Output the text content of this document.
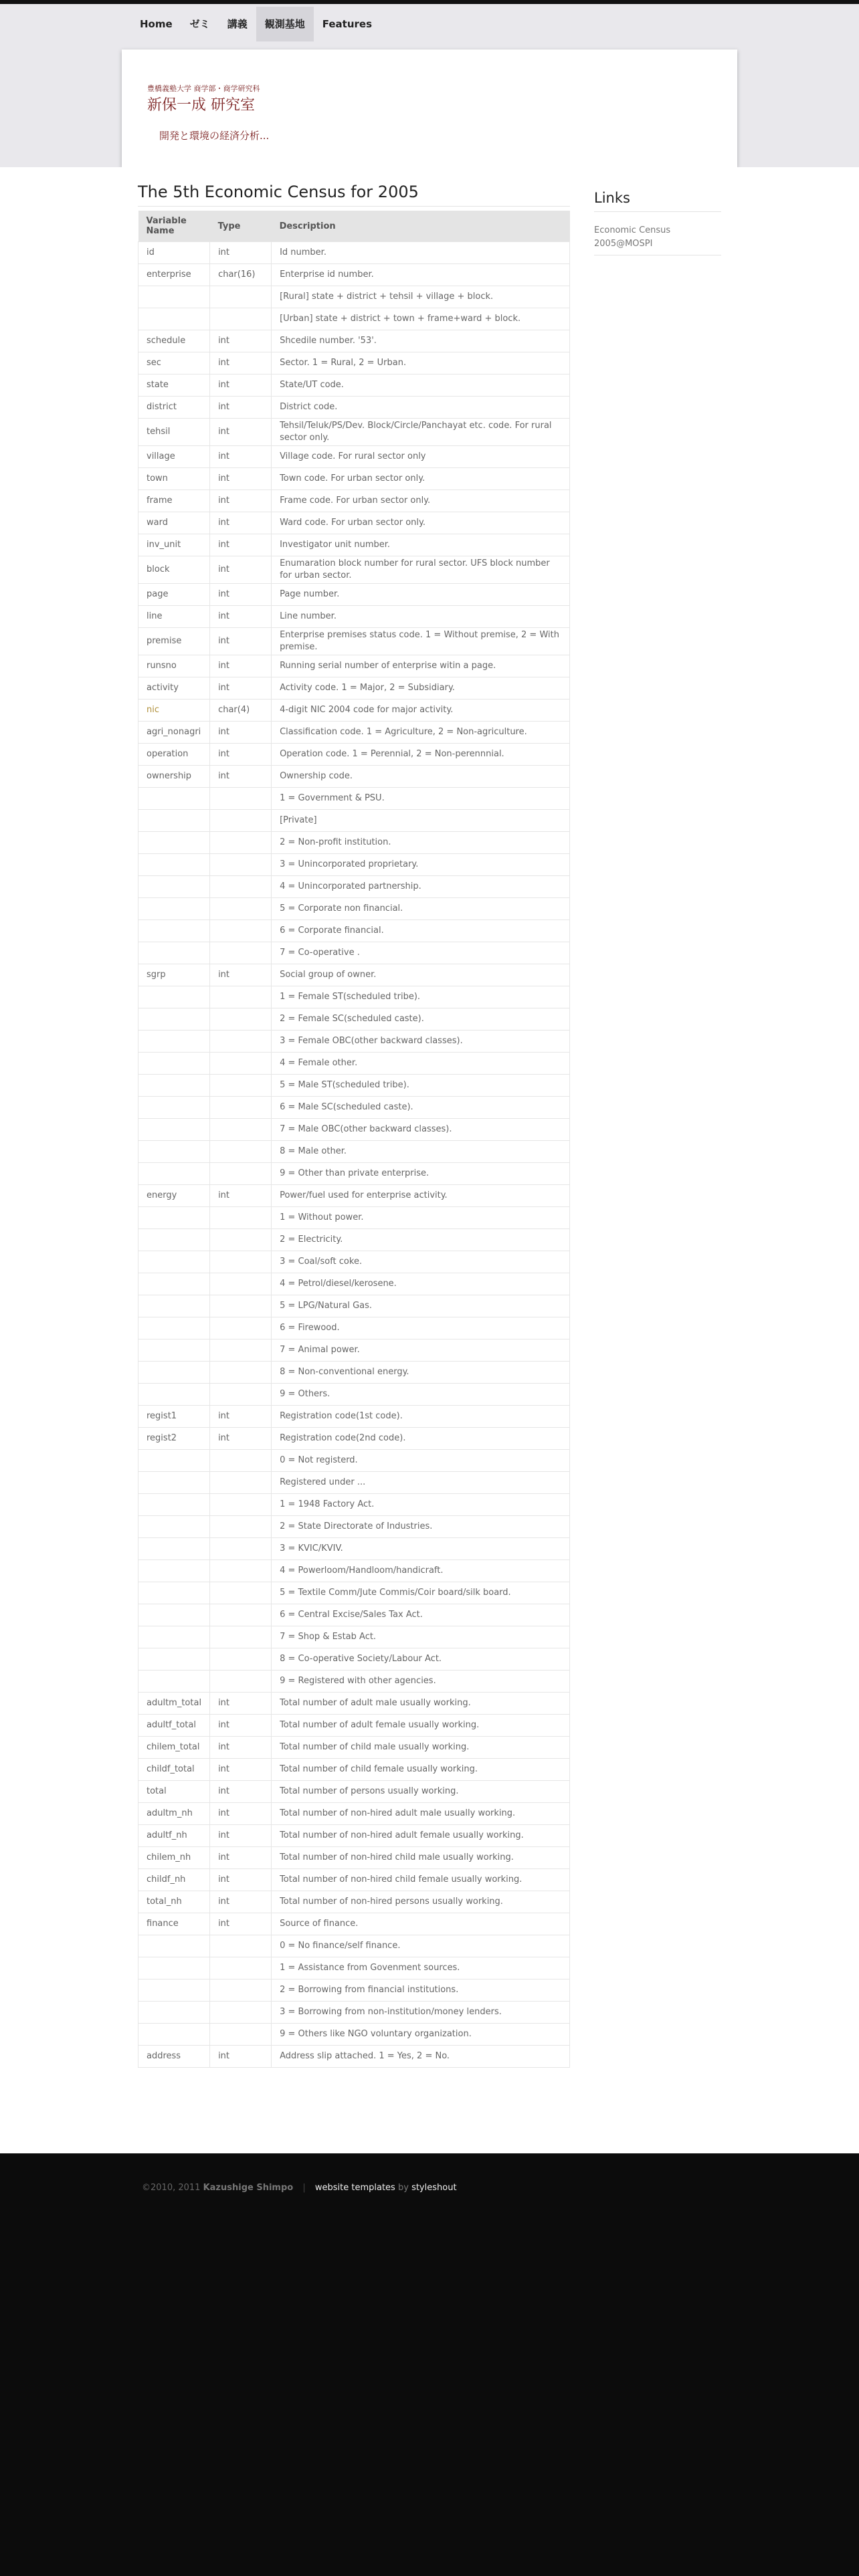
Home	ゼミ	講義	観測基地	Features
豊橋義塾大学 商学部・商学研究科
新保一成 研究室
開発と環境の経済分析...
The 5th Economic Census for 2005
Variable Name	Type	Description
id	int	Id number.
enterprise	char(16)	Enterprise id number.
		[Rural] state + district + tehsil + village + block.
		[Urban] state + district + town + frame+ward + block.
schedule	int	Shcedile number. '53'.
sec	int	Sector. 1 = Rural, 2 = Urban.
state	int	State/UT code.
district	int	District code.
tehsil	int	Tehsil/Teluk/PS/Dev. Block/Circle/Panchayat etc. code. For rural sector only.
village	int	Village code. For rural sector only
town	int	Town code. For urban sector only.
frame	int	Frame code. For urban sector only.
ward	int	Ward code. For urban sector only.
inv_unit	int	Investigator unit number.
block	int	Enumaration block number for rural sector. UFS block number for urban sector.
page	int	Page number.
line	int	Line number.
premise	int	Enterprise premises status code. 1 = Without premise, 2 = With premise.
runsno	int	Running serial number of enterprise witin a page.
activity	int	Activity code. 1 = Major, 2 = Subsidiary.
nic	char(4)	4-digit NIC 2004 code for major activity.
agri_nonagri	int	Classification code. 1 = Agriculture, 2 = Non-agriculture.
operation	int	Operation code. 1 = Perennial, 2 = Non-perennnial.
ownership	int	Ownership code.
		1 = Government & PSU.
		[Private]
		2 = Non-profit institution.
		3 = Unincorporated proprietary.
		4 = Unincorporated partnership.
		5 = Corporate non financial.
		6 = Corporate financial.
		7 = Co-operative .
sgrp	int	Social group of owner.
		1 = Female ST(scheduled tribe).
		2 = Female SC(scheduled caste).
		3 = Female OBC(other backward classes).
		4 = Female other.
		5 = Male ST(scheduled tribe).
		6 = Male SC(scheduled caste).
		7 = Male OBC(other backward classes).
		8 = Male other.
		9 = Other than private enterprise.
energy	int	Power/fuel used for enterprise activity.
		1 = Without power.
		2 = Electricity.
		3 = Coal/soft coke.
		4 = Petrol/diesel/kerosene.
		5 = LPG/Natural Gas.
		6 = Firewood.
		7 = Animal power.
		8 = Non-conventional energy.
		9 = Others.
regist1	int	Registration code(1st code).
regist2	int	Registration code(2nd code).
		0 = Not registerd.
		Registered under ...
		1 = 1948 Factory Act.
		2 = State Directorate of Industries.
		3 = KVIC/KVIV.
		4 = Powerloom/Handloom/handicraft.
		5 = Textile Comm/Jute Commis/Coir board/silk board.
		6 = Central Excise/Sales Tax Act.
		7 = Shop & Estab Act.
		8 = Co-operative Society/Labour Act.
		9 = Registered with other agencies.
adultm_total	int	Total number of adult male usually working.
adultf_total	int	Total number of adult female usually working.
chilem_total	int	Total number of child male usually working.
childf_total	int	Total number of child female usually working.
total	int	Total number of persons usually working.
adultm_nh	int	Total number of non-hired adult male usually working.
adultf_nh	int	Total number of non-hired adult female usually working.
chilem_nh	int	Total number of non-hired child male usually working.
childf_nh	int	Total number of non-hired child female usually working.
total_nh	int	Total number of non-hired persons usually working.
finance	int	Source of finance.
		0 = No finance/self finance.
		1 = Assistance from Govenment sources.
		2 = Borrowing from financial institutions.
		3 = Borrowing from non-institution/money lenders.
		9 = Others like NGO voluntary organization.
address	int	Address slip attached. 1 = Yes, 2 = No.
Links
Economic Census 2005@MOSPI
©2010, 2011 Kazushige Shimpo | website templates by styleshout
